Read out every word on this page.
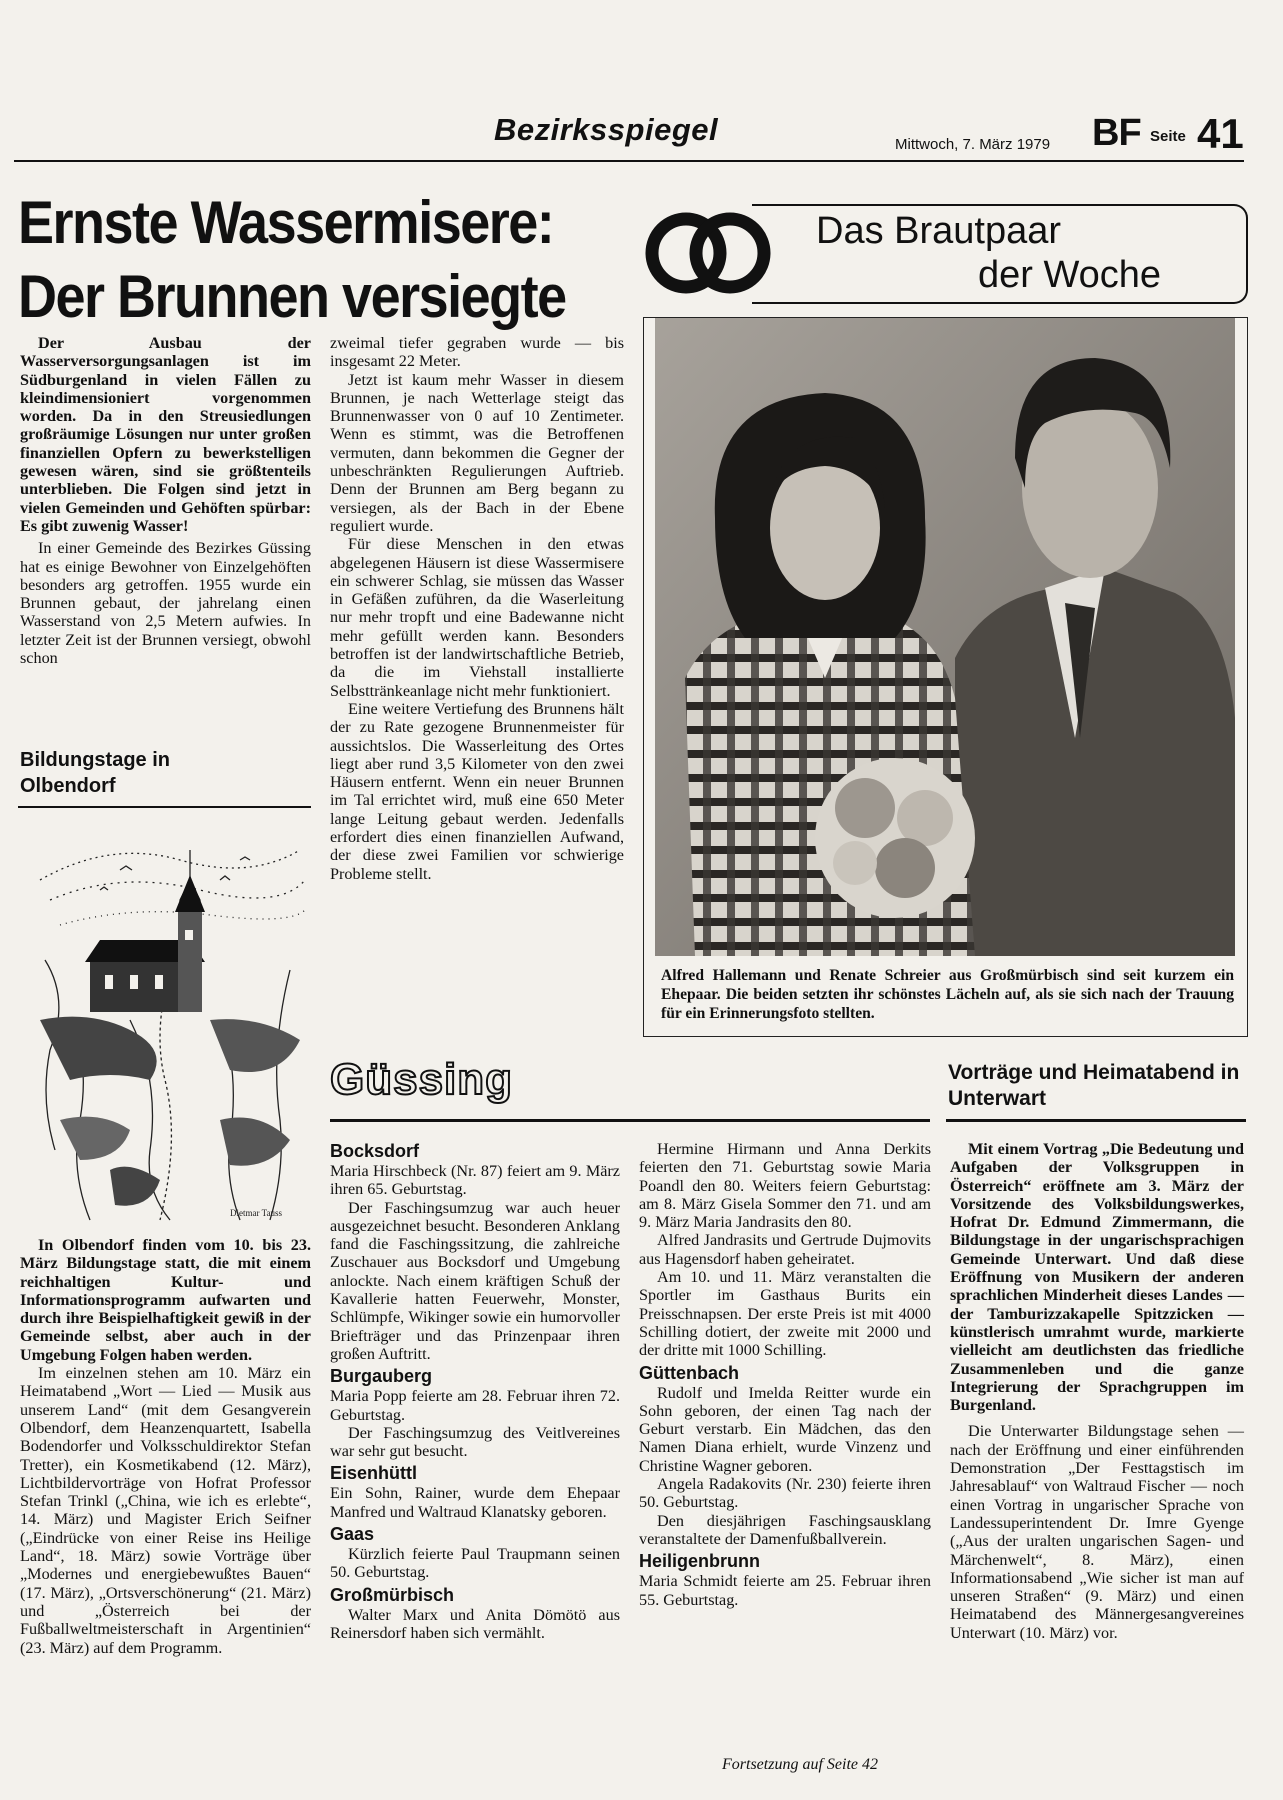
Bezirksspiegel	Mittwoch, 7. März 1979 BF Seite 41
Ernste Wassermisere:
Der Brunnen versiegte

Der Ausbau der Wasserversorgungsanlagen ist im Südburgenland in vielen Fällen zu kleindimensioniert vorgenommen worden. Da in den Streusiedlungen großräumige Lösungen nur unter großen finanziellen Opfern zu bewerkstelligen gewesen wären, sind sie größtenteils unterblieben. Die Folgen sind jetzt in vielen Gemeinden und Gehöften spürbar: Es gibt zuwenig Wasser!

In einer Gemeinde des Bezirkes Güssing hat es einige Bewohner von Einzelgehöften besonders arg getroffen. 1955 wurde ein Brunnen gebaut, der jahrelang einen Wasserstand von 2,5 Metern aufwies. In letzter Zeit ist der Brunnen versiegt, obwohl schon

zweimal tiefer gegraben wurde — bis insgesamt 22 Meter.

Jetzt ist kaum mehr Wasser in diesem Brunnen, je nach Wetterlage steigt das Brunnenwasser von 0 auf 10 Zentimeter. Wenn es stimmt, was die Betroffenen vermuten, dann bekommen die Gegner der unbeschränkten Regulierungen Auftrieb. Denn der Brunnen am Berg begann zu versiegen, als der Bach in der Ebene reguliert wurde.

Für diese Menschen in den etwas abgelegenen Häusern ist diese Wassermisere ein schwerer Schlag, sie müssen das Wasser in Gefäßen zuführen, da die Waserleitung nur mehr tropft und eine Badewanne nicht mehr gefüllt werden kann. Besonders betroffen ist der landwirtschaftliche Betrieb, da die im Viehstall installierte Selbsttränkeanlage nicht mehr funktioniert.

Eine weitere Vertiefung des Brunnens hält der zu Rate gezogene Brunnenmeister für aussichtslos. Die Wasserleitung des Ortes liegt aber rund 3,5 Kilometer von den zwei Häusern entfernt. Wenn ein neuer Brunnen im Tal errichtet wird, muß eine 650 Meter lange Leitung gebaut werden. Jedenfalls erfordert dies einen finanziellen Aufwand, der diese zwei Familien vor schwierige Probleme stellt.

Bildungstage in Olbendorf
Dietmar Tauss

In Olbendorf finden vom 10. bis 23. März Bildungstage statt, die mit einem reichhaltigen Kultur- und Informationsprogramm aufwarten und durch ihre Beispielhaftigkeit gewiß in der Gemeinde selbst, aber auch in der Umgebung Folgen haben werden.

Im einzelnen stehen am 10. März ein Heimatabend „Wort — Lied — Musik aus unserem Land“ (mit dem Gesangverein Olbendorf, dem Heanzenquartett, Isabella Bodendorfer und Volksschuldirektor Stefan Tretter), ein Kosmetikabend (12. März), Lichtbildervorträge von Hofrat Professor Stefan Trinkl („China, wie ich es erlebte“, 14. März) und Magister Erich Seifner („Eindrücke von einer Reise ins Heilige Land“, 18. März) sowie Vorträge über „Modernes und energiebewußtes Bauen“ (17. März), „Ortsverschönerung“ (21. März) und „Österreich bei der Fußballweltmeisterschaft in Argentinien“ (23. März) auf dem Programm.

Das Brautpaar
der Woche
Alfred Hallemann und Renate Schreier aus Großmürbisch sind seit kurzem ein Ehepaar. Die beiden setzten ihr schönstes Lächeln auf, als sie sich nach der Trauung für ein Erinnerungsfoto stellten.
Güssing
Bocksdorf

Maria Hirschbeck (Nr. 87) feiert am 9. März ihren 65. Geburtstag.

Der Faschingsumzug war auch heuer ausgezeichnet besucht. Besonderen Anklang fand die Faschingssitzung, die zahlreiche Zuschauer aus Bocksdorf und Umgebung anlockte. Nach einem kräftigen Schuß der Kavallerie hatten Feuerwehr, Monster, Schlümpfe, Wikinger sowie ein humorvoller Briefträger und das Prinzenpaar ihren großen Auftritt.

Burgauberg

Maria Popp feierte am 28. Februar ihren 72. Geburtstag.

Der Faschingsumzug des Veitlvereines war sehr gut besucht.

Eisenhüttl

Ein Sohn, Rainer, wurde dem Ehepaar Manfred und Waltraud Klanatsky geboren.

Gaas

Kürzlich feierte Paul Traupmann seinen 50. Geburtstag.

Großmürbisch

Walter Marx und Anita Dömötö aus Reinersdorf haben sich vermählt.

Hermine Hirmann und Anna Derkits feierten den 71. Geburtstag sowie Maria Poandl den 80. Weiters feiern Geburtstag: am 8. März Gisela Sommer den 71. und am 9. März Maria Jandrasits den 80.

Alfred Jandrasits und Gertrude Dujmovits aus Hagensdorf haben geheiratet.

Am 10. und 11. März veranstalten die Sportler im Gasthaus Burits ein Preisschnapsen. Der erste Preis ist mit 4000 Schilling dotiert, der zweite mit 2000 und der dritte mit 1000 Schilling.

Güttenbach

Rudolf und Imelda Reitter wurde ein Sohn geboren, der einen Tag nach der Geburt verstarb. Ein Mädchen, das den Namen Diana erhielt, wurde Vinzenz und Christine Wagner geboren.

Angela Radakovits (Nr. 230) feierte ihren 50. Geburtstag.

Den diesjährigen Faschingsausklang veranstaltete der Damenfußballverein.

Heiligenbrunn

Maria Schmidt feierte am 25. Februar ihren 55. Geburtstag.

Fortsetzung auf Seite 42
Vorträge und Heimatabend in Unterwart

Mit einem Vortrag „Die Bedeutung und Aufgaben der Volksgruppen in Österreich“ eröffnete am 3. März der Vorsitzende des Volksbildungswerkes, Hofrat Dr. Edmund Zimmermann, die Bildungstage in der ungarischsprachigen Gemeinde Unterwart. Und daß diese Eröffnung von Musikern der anderen sprachlichen Minderheit dieses Landes — der Tamburizzakapelle Spitzzicken — künstlerisch umrahmt wurde, markierte vielleicht am deutlichsten das friedliche Zusammenleben und die ganze Integrierung der Sprachgruppen im Burgenland.

Die Unterwarter Bildungstage sehen — nach der Eröffnung und einer einführenden Demonstration „Der Festtagstisch im Jahresablauf“ von Waltraud Fischer — noch einen Vortrag in ungarischer Sprache von Landessuperintendent Dr. Imre Gyenge („Aus der uralten ungarischen Sagen- und Märchenwelt“, 8. März), einen Informationsabend „Wie sicher ist man auf unseren Straßen“ (9. März) und einen Heimatabend des Männergesangvereines Unterwart (10. März) vor.
